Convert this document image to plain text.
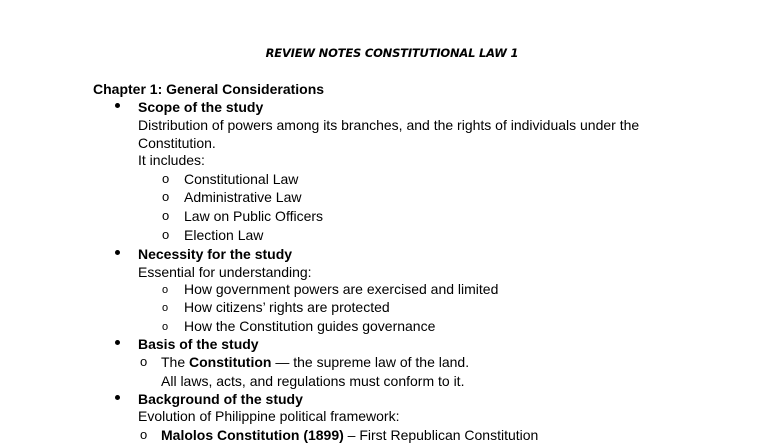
REVIEW NOTES CONSTITUTIONAL LAW 1
Chapter 1: General Considerations
Scope of the study
Distribution of powers among its branches, and the rights of individuals under the
Constitution.
It includes:
o Constitutional Law
o Administrative Law
o Law on Public Officers
o Election Law
Necessity for the study
Essential for understanding:
o How government powers are exercised and limited
o How citizens’ rights are protected
o How the Constitution guides governance
Basis of the study
o The Constitution — the supreme law of the land.
All laws, acts, and regulations must conform to it.
Background of the study
Evolution of Philippine political framework:
o Malolos Constitution (1899) – First Republican Constitution
